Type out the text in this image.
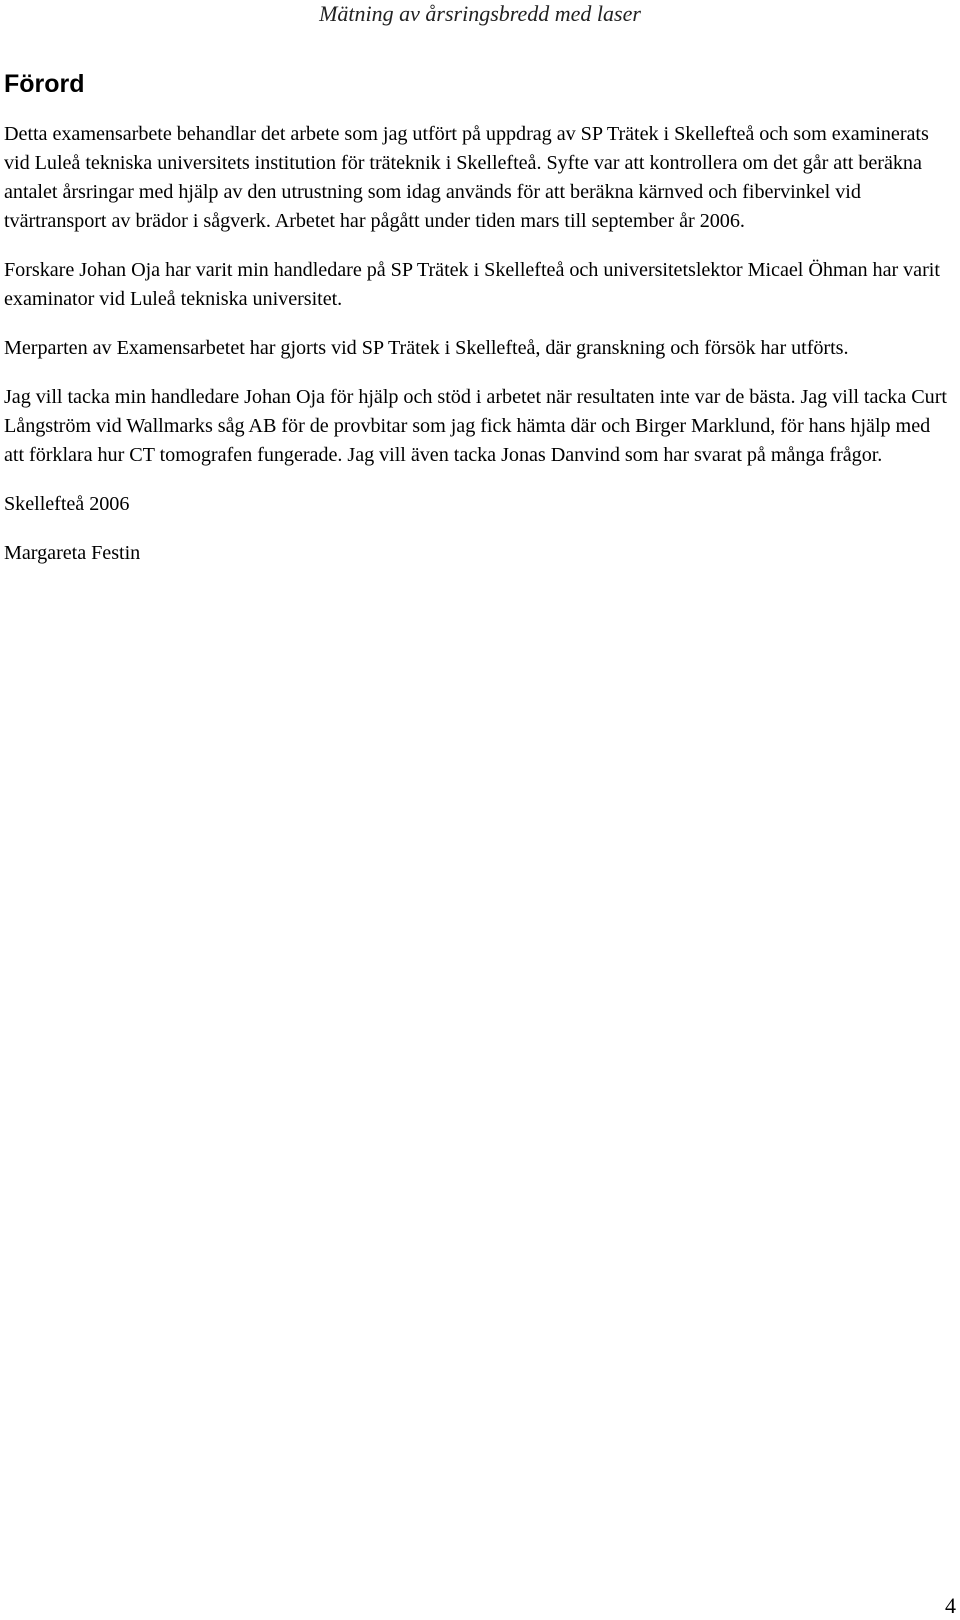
Mätning av årsringsbredd med laser
Förord

Detta examensarbete behandlar det arbete som jag utfört på uppdrag av SP Trätek i Skellefteå och som examinerats vid Luleå tekniska universitets institution för träteknik i Skellefteå. Syfte var att kontrollera om det går att beräkna antalet årsringar med hjälp av den utrustning som idag används för att beräkna kärnved och fibervinkel vid tvärtransport av brädor i sågverk. Arbetet har pågått under tiden mars till september år 2006.

Forskare Johan Oja har varit min handledare på SP Trätek i Skellefteå och universitetslektor Micael Öhman har varit examinator vid Luleå tekniska universitet.

Merparten av Examensarbetet har gjorts vid SP Trätek i Skellefteå, där granskning och försök har utförts.

Jag vill tacka min handledare Johan Oja för hjälp och stöd i arbetet när resultaten inte var de bästa. Jag vill tacka Curt Långström vid Wallmarks såg AB för de provbitar som jag fick hämta där och Birger Marklund, för hans hjälp med att förklara hur CT tomografen fungerade. Jag vill även tacka Jonas Danvind som har svarat på många frågor.

Skellefteå 2006

Margareta Festin

4
